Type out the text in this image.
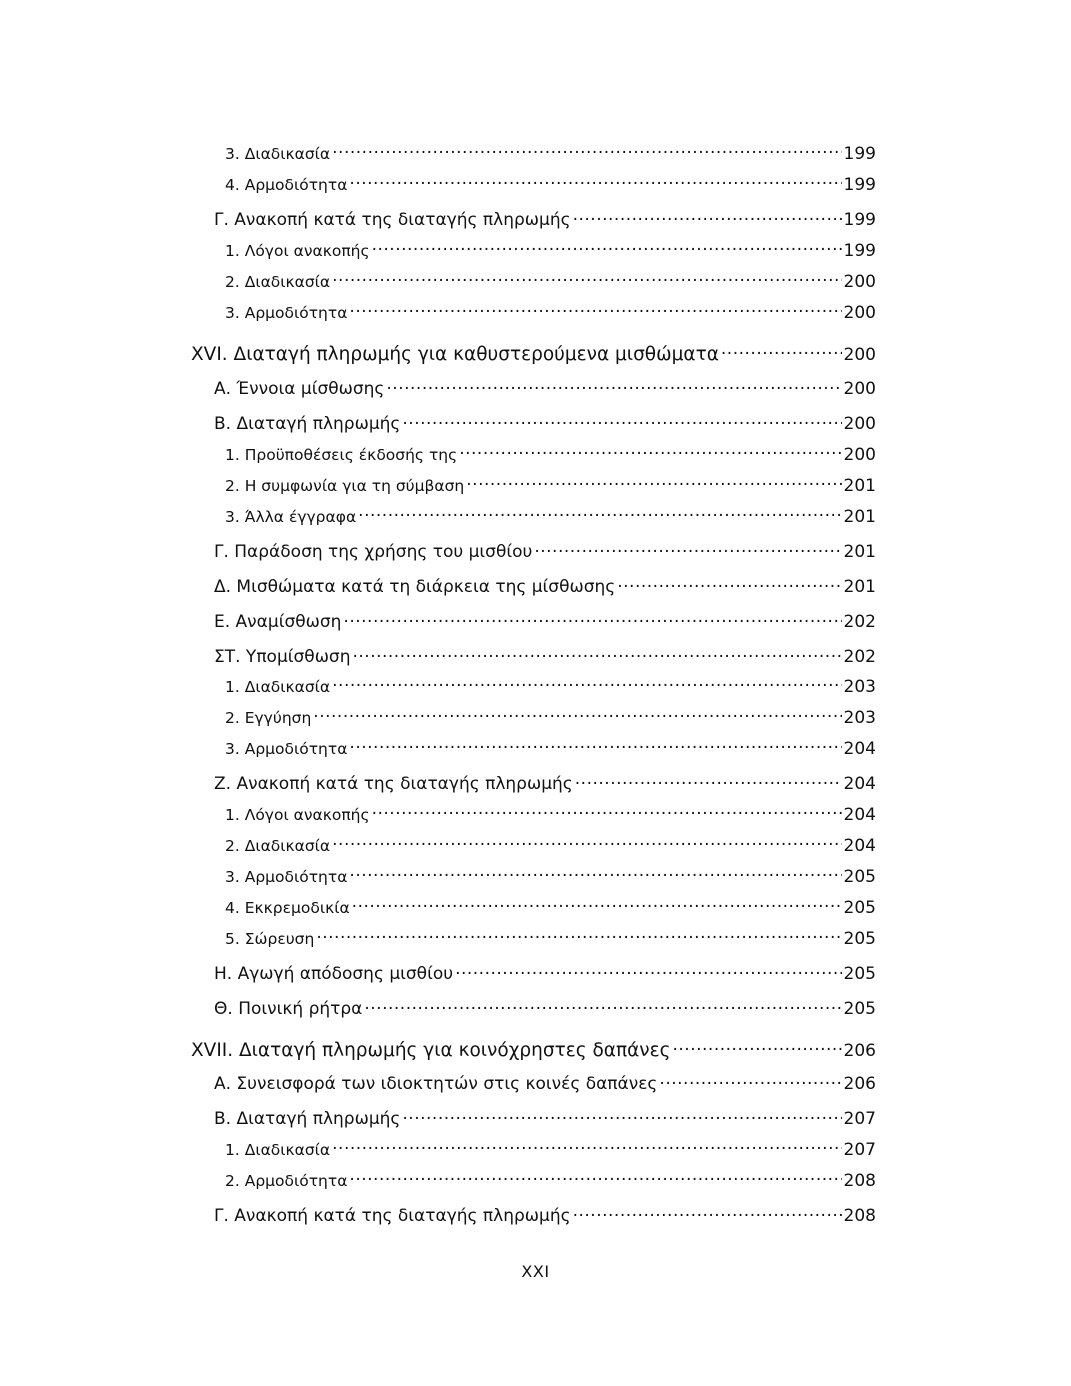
3. Διαδικασία .....	199
4. Αρμοδιότητα .....	199
Γ. Ανακοπή κατά της διαταγής πληρωμής .....	199
1. Λόγοι ανακοπής .....	199
2. Διαδικασία .....	200
3. Αρμοδιότητα .....	200
XVI. Διαταγή πληρωμής για καθυστερούμενα μισθώματα .....	200
Α. Έννοια μίσθωσης .....	200
Β. Διαταγή πληρωμής .....	200
1. Προϋποθέσεις έκδοσής της .....	200
2. Η συμφωνία για τη σύμβαση .....	201
3. Άλλα έγγραφα .....	201
Γ. Παράδοση της χρήσης του μισθίου .....	201
Δ. Μισθώματα κατά τη διάρκεια της μίσθωσης .....	201
Ε. Αναμίσθωση .....	202
ΣΤ. Υπομίσθωση .....	202
1. Διαδικασία .....	203
2. Εγγύηση .....	203
3. Αρμοδιότητα .....	204
Ζ. Ανακοπή κατά της διαταγής πληρωμής .....	204
1. Λόγοι ανακοπής .....	204
2. Διαδικασία .....	204
3. Αρμοδιότητα .....	205
4. Εκκρεμοδικία .....	205
5. Σώρευση .....	205
Η. Αγωγή απόδοσης μισθίου .....	205
Θ. Ποινική ρήτρα .....	205
XVII. Διαταγή πληρωμής για κοινόχρηστες δαπάνες .....	206
Α. Συνεισφορά των ιδιοκτητών στις κοινές δαπάνες .....	206
Β. Διαταγή πληρωμής .....	207
1. Διαδικασία .....	207
2. Αρμοδιότητα .....	208
Γ. Ανακοπή κατά της διαταγής πληρωμής .....	208
XXI
